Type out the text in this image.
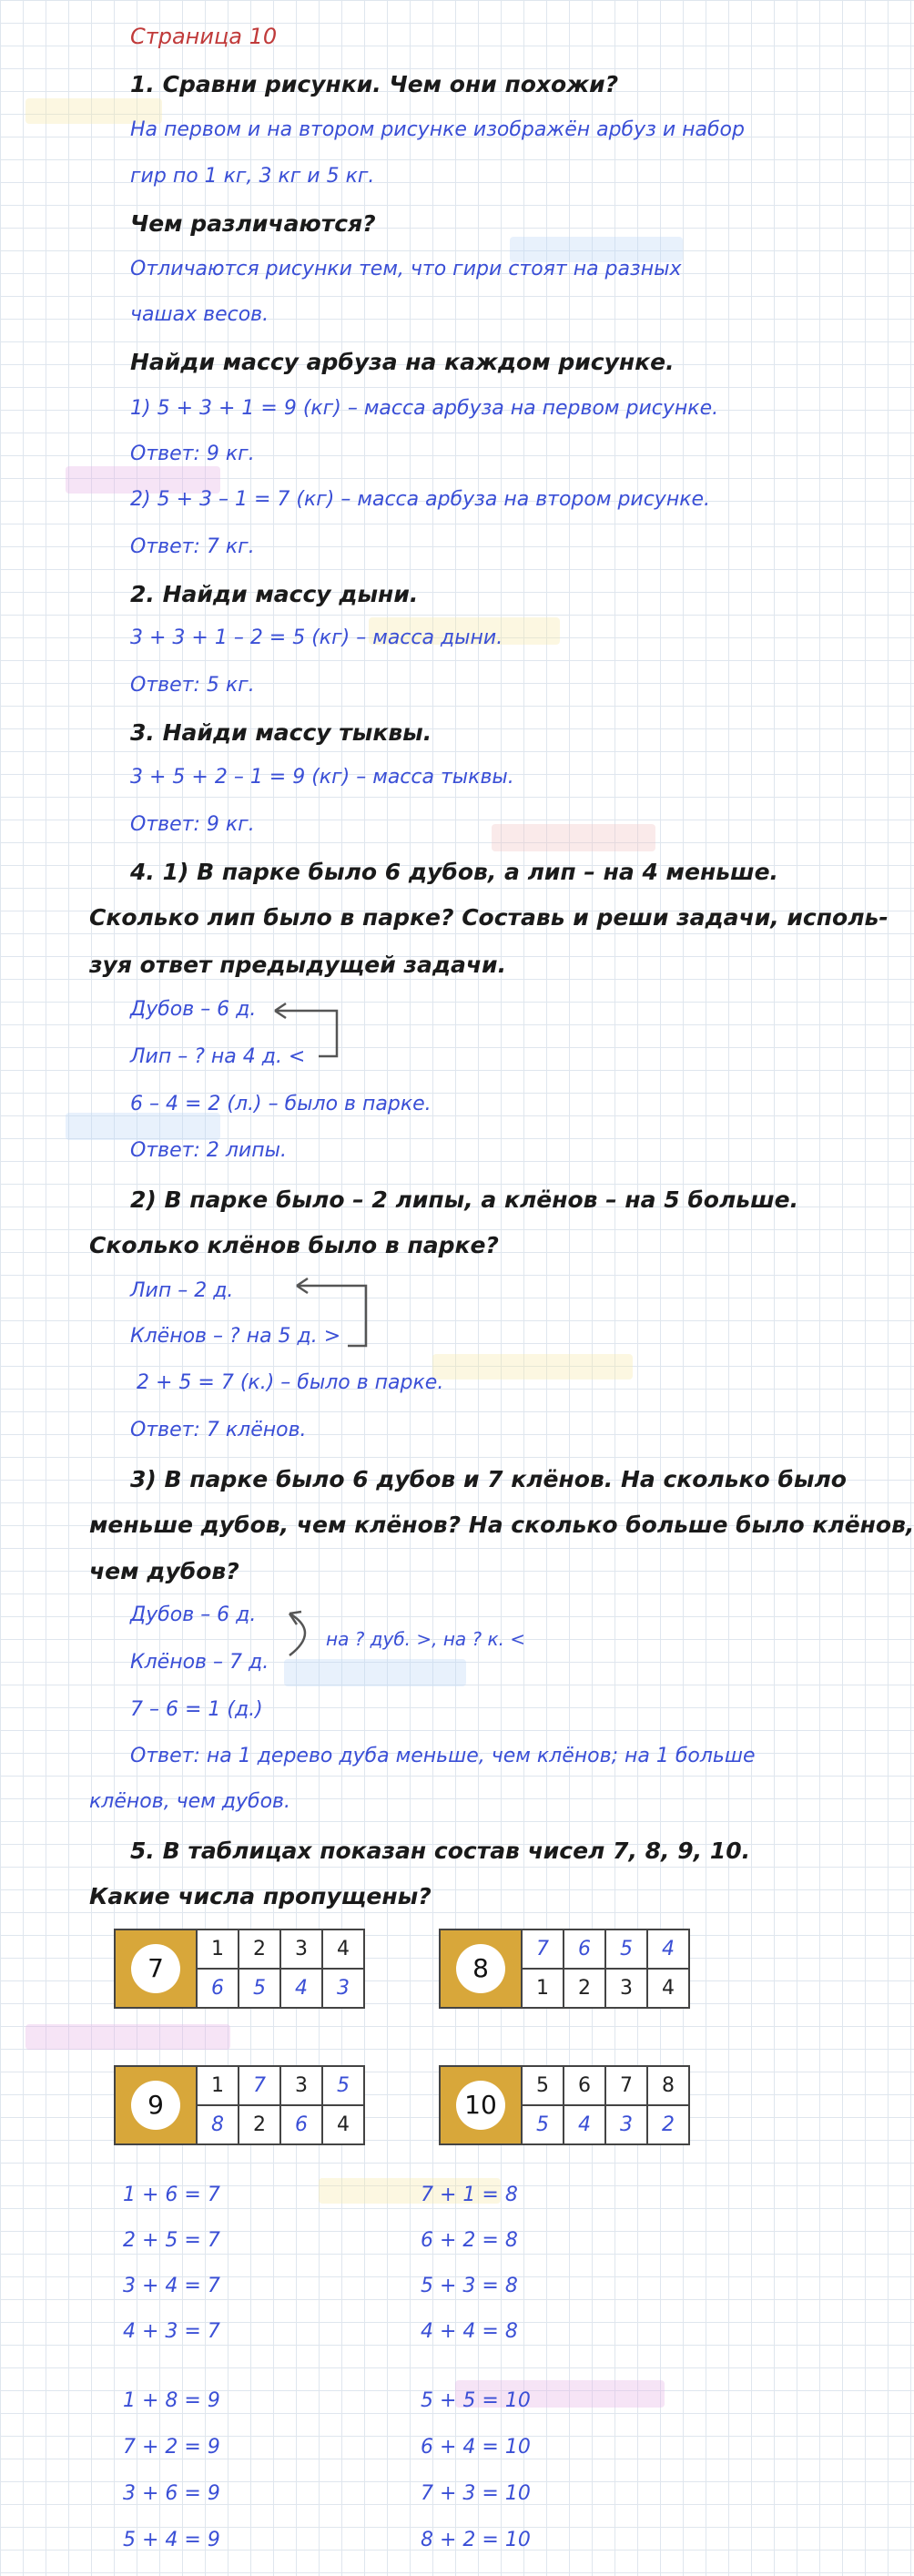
Страница 10
1. Сравни рисунки. Чем они похожи?
На первом и на втором рисунке изображён арбуз и набор
гир по 1 кг, 3 кг и 5 кг.
Чем различаются?
Отличаются рисунки тем, что гири стоят на разных
чашах весов.
Найди массу арбуза на каждом рисунке.
1) 5 + 3 + 1 = 9 (кг) – масса арбуза на первом рисунке.
Ответ: 9 кг.
2) 5 + 3 – 1 = 7 (кг) – масса арбуза на втором рисунке.
Ответ: 7 кг.
2. Найди массу дыни.
3 + 3 + 1 – 2 = 5 (кг) – масса дыни.
Ответ: 5 кг.
3. Найди массу тыквы.
3 + 5 + 2 – 1 = 9 (кг) – масса тыквы.
Ответ: 9 кг.
4. 1) В парке было 6 дубов, а лип – на 4 меньше.
Сколько лип было в парке? Составь и реши задачи, исполь-
зуя ответ предыдущей задачи.
Дубов – 6 д.
Лип – ? на 4 д. <
6 – 4 = 2 (л.) – было в парке.
Ответ: 2 липы.
2) В парке было – 2 липы, а клёнов – на 5 больше.
Сколько клёнов было в парке?
Лип – 2 д.
Клёнов – ? на 5 д. >
2 + 5 = 7 (к.) – было в парке.
Ответ: 7 клёнов.
3) В парке было 6 дубов и 7 клёнов. На сколько было
меньше дубов, чем клёнов? На сколько больше было клёнов,
чем дубов?
Дубов – 6 д.
Клёнов – 7 д.
на ? дуб. >, на ? к. <
7 – 6 = 1 (д.)
Ответ: на 1 дерево дуба меньше, чем клёнов; на 1 больше
клёнов, чем дубов.
5. В таблицах показан состав чисел 7, 8, 9, 10.
Какие числа пропущены?
7	1	2	3	4
	6	5	4	3
8	7	6	5	4
	1	2	3	4
9	1	7	3	5
	8	2	6	4
10	5	6	7	8
	5	4	3	2
1 + 6 = 7
2 + 5 = 7
3 + 4 = 7
4 + 3 = 7
7 + 1 = 8
6 + 2 = 8
5 + 3 = 8
4 + 4 = 8
1 + 8 = 9
7 + 2 = 9
3 + 6 = 9
5 + 4 = 9
5 + 5 = 10
6 + 4 = 10
7 + 3 = 10
8 + 2 = 10
